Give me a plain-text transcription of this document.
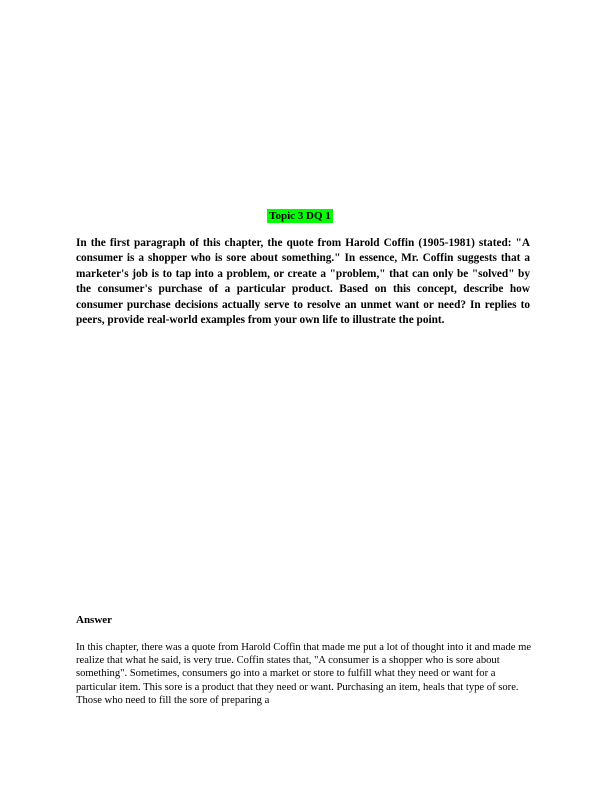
Topic 3 DQ 1

In the first paragraph of this chapter, the quote from Harold Coffin (1905-1981) stated: "A consumer is a shopper who is sore about something." In essence, Mr. Coffin suggests that a marketer's job is to tap into a problem, or create a "problem," that can only be "solved" by the consumer's purchase of a particular product. Based on this concept, describe how consumer purchase decisions actually serve to resolve an unmet want or need? In replies to peers, provide real-world examples from your own life to illustrate the point.

Answer

In this chapter, there was a quote from Harold Coffin that made me put a lot of thought into it and made me realize that what he said, is very true. Coffin states that, "A consumer is a shopper who is sore about something". Sometimes, consumers go into a market or store to fulfill what they need or want for a particular item. This sore is a product that they need or want. Purchasing an item, heals that type of sore. Those who need to fill the sore of preparing a
